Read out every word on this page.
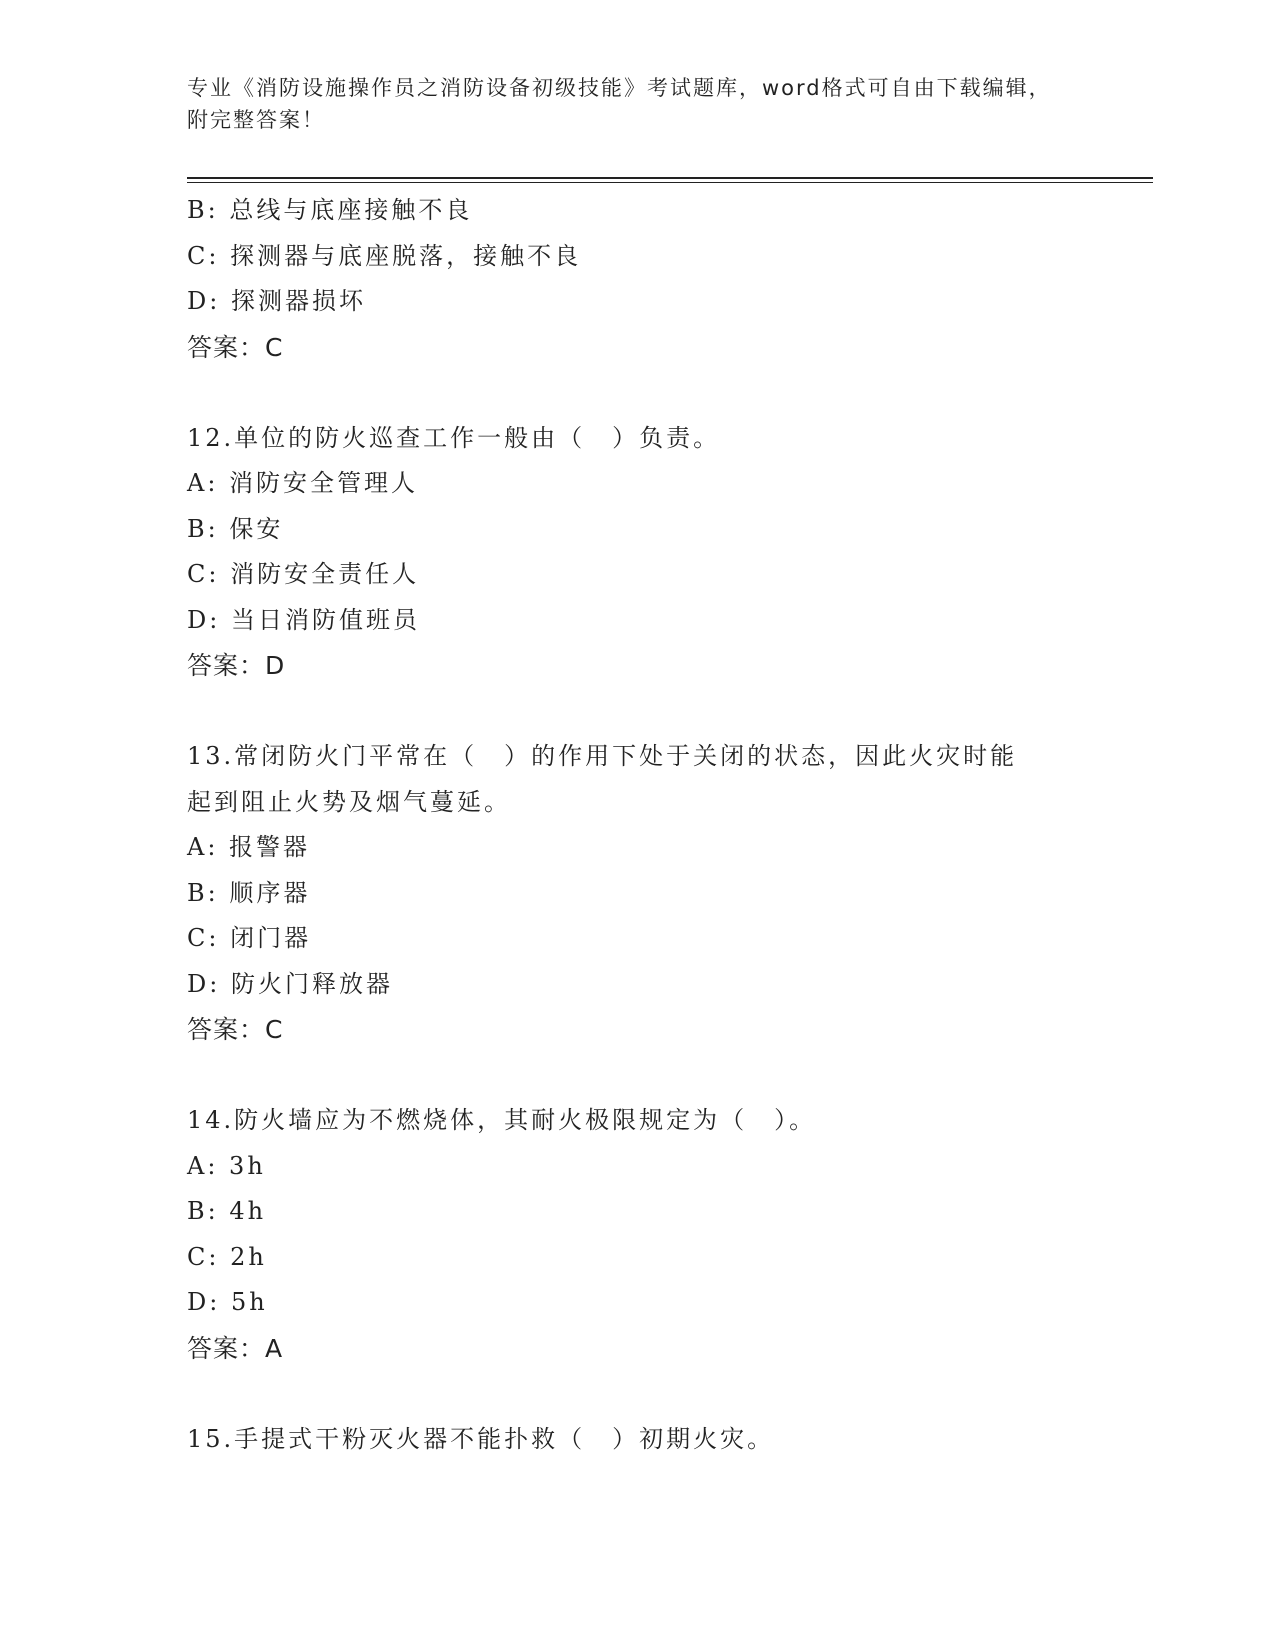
专业《消防设施操作员之消防设备初级技能》考试题库，word格式可自由下载编辑，附完整答案！
B: 总线与底座接触不良
C: 探测器与底座脱落，接触不良
D: 探测器损坏
答案：C
12.单位的防火巡查工作一般由（　）负责。
A: 消防安全管理人
B: 保安
C: 消防安全责任人
D: 当日消防值班员
答案：D
13.常闭防火门平常在（　）的作用下处于关闭的状态，因此火灾时能
起到阻止火势及烟气蔓延。
A: 报警器
B: 顺序器
C: 闭门器
D: 防火门释放器
答案：C
14.防火墙应为不燃烧体，其耐火极限规定为（　）。
A: 3h
B: 4h
C: 2h
D: 5h
答案：A
15.手提式干粉灭火器不能扑救（　）初期火灾。
